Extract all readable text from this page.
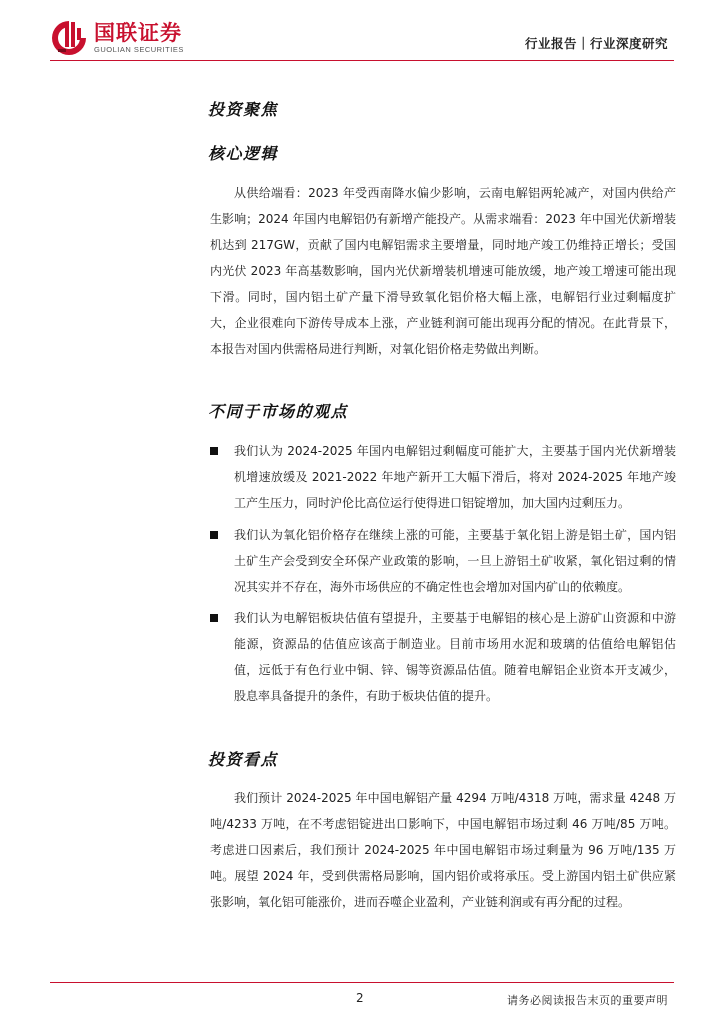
国联证券
GUOLIAN SECURITIES	行业报告｜行业深度研究
投资聚焦
核心逻辑
从供给端看：2023 年受西南降水偏少影响，云南电解铝两轮减产，对国内供给产生影响；2024 年国内电解铝仍有新增产能投产。从需求端看：2023 年中国光伏新增装机达到 217GW，贡献了国内电解铝需求主要增量，同时地产竣工仍维持正增长；受国内光伏 2023 年高基数影响，国内光伏新增装机增速可能放缓，地产竣工增速可能出现下滑。同时，国内铝土矿产量下滑导致氧化铝价格大幅上涨，电解铝行业过剩幅度扩大，企业很难向下游传导成本上涨，产业链利润可能出现再分配的情况。在此背景下，本报告对国内供需格局进行判断，对氧化铝价格走势做出判断。
不同于市场的观点
我们认为 2024-2025 年国内电解铝过剩幅度可能扩大，主要基于国内光伏新增装机增速放缓及 2021-2022 年地产新开工大幅下滑后，将对 2024-2025 年地产竣工产生压力，同时沪伦比高位运行使得进口铝锭增加，加大国内过剩压力。
我们认为氧化铝价格存在继续上涨的可能，主要基于氧化铝上游是铝土矿，国内铝土矿生产会受到安全环保产业政策的影响，一旦上游铝土矿收紧，氧化铝过剩的情况其实并不存在，海外市场供应的不确定性也会增加对国内矿山的依赖度。
我们认为电解铝板块估值有望提升，主要基于电解铝的核心是上游矿山资源和中游能源，资源品的估值应该高于制造业。目前市场用水泥和玻璃的估值给电解铝估值，远低于有色行业中铜、锌、锡等资源品估值。随着电解铝企业资本开支减少，股息率具备提升的条件，有助于板块估值的提升。
投资看点
我们预计 2024-2025 年中国电解铝产量 4294 万吨/4318 万吨，需求量 4248 万吨/4233 万吨，在不考虑铝锭进出口影响下，中国电解铝市场过剩 46 万吨/85 万吨。考虑进口因素后，我们预计 2024-2025 年中国电解铝市场过剩量为 96 万吨/135 万吨。展望 2024 年，受到供需格局影响，国内铝价或将承压。受上游国内铝土矿供应紧张影响，氧化铝可能涨价，进而吞噬企业盈利，产业链利润或有再分配的过程。
2	请务必阅读报告末页的重要声明
